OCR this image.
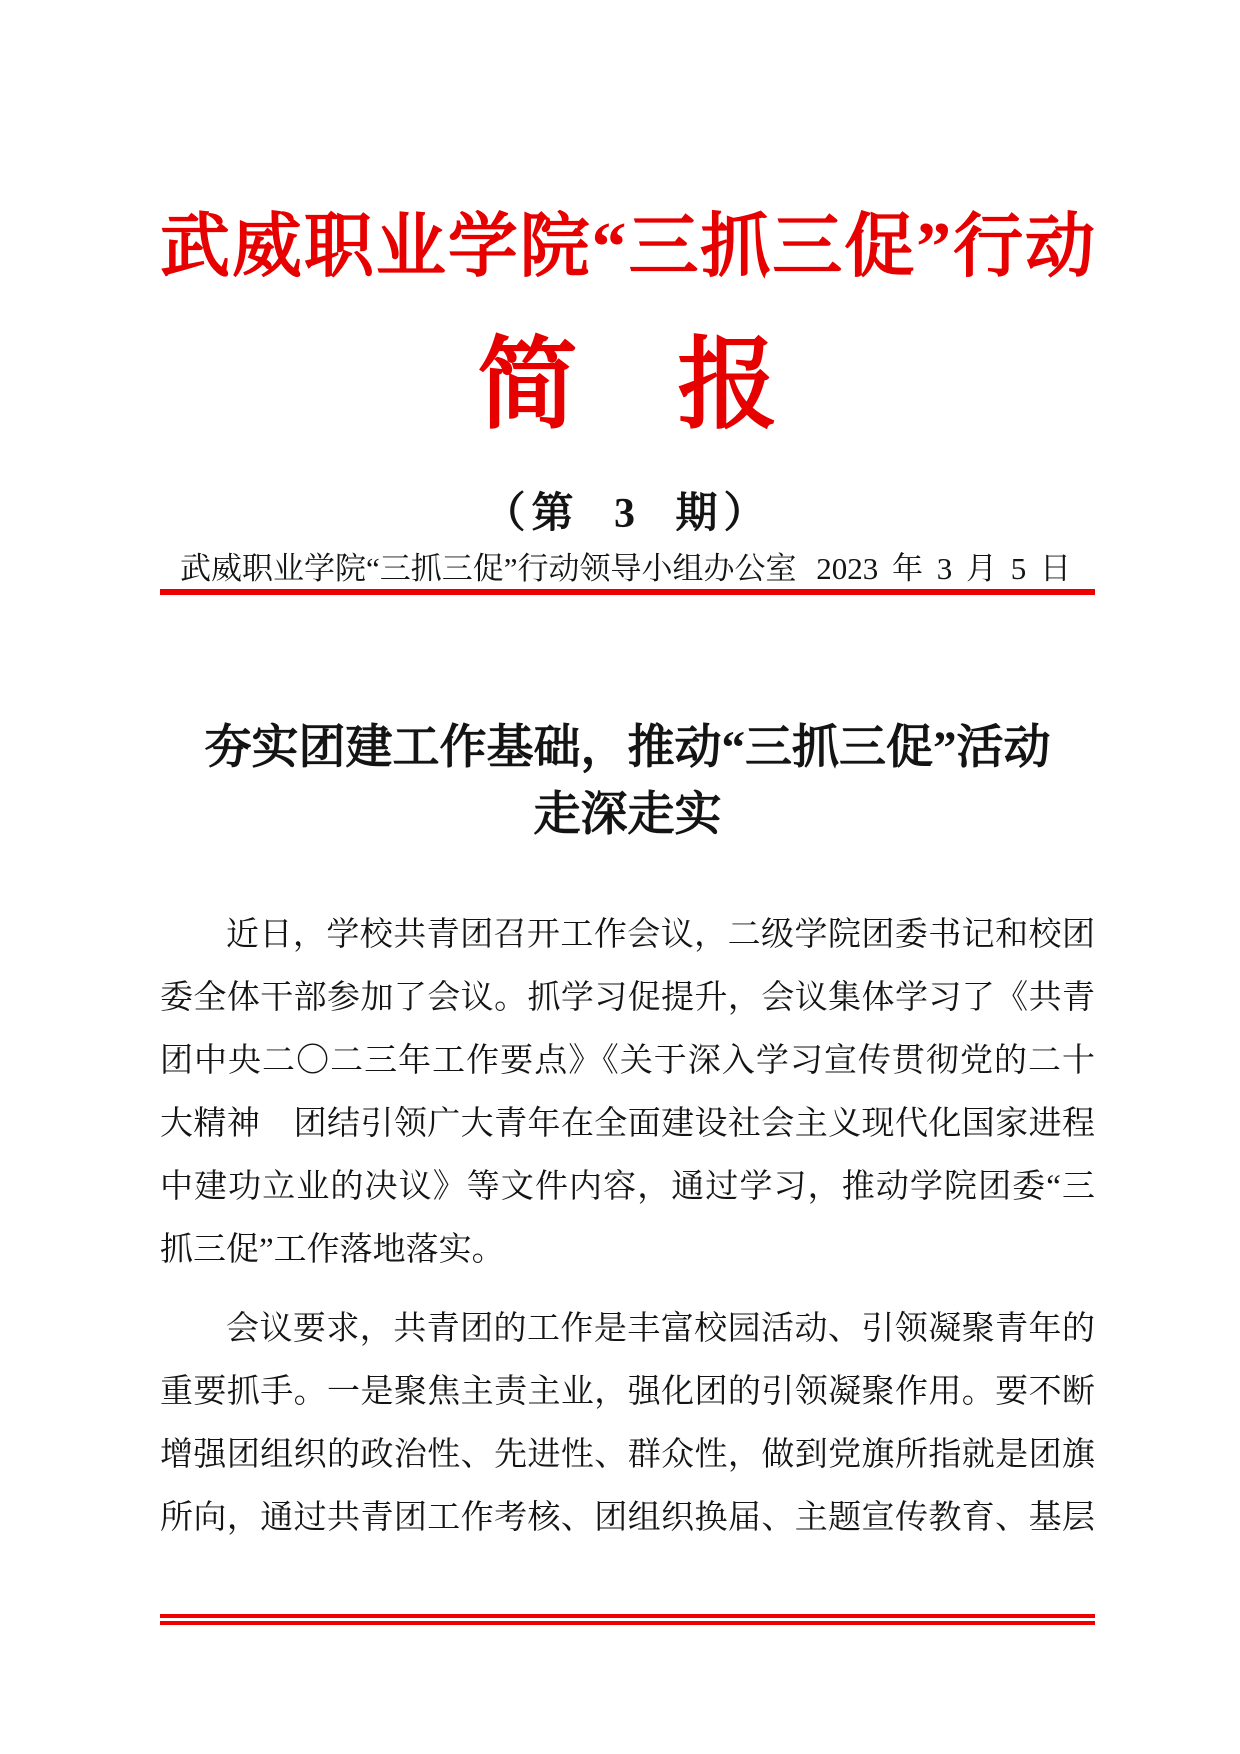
武威职业学院“三抓三促”行动
简　报
（第 3 期）
武威职业学院“三抓三促”行动领导小组办公室 2023 年 3 月 5 日
夯实团建工作基础，推动“三抓三促”活动
走深走实
近日，学校共青团召开工作会议，二级学院团委书记和校团
委全体干部参加了会议。抓学习促提升，会议集体学习了《共青
团中央二〇二三年工作要点》《关于深入学习宣传贯彻党的二十
大精神　团结引领广大青年在全面建设社会主义现代化国家进程
中建功立业的决议》等文件内容，通过学习，推动学院团委“三
抓三促”工作落地落实。
会议要求，共青团的工作是丰富校园活动、引领凝聚青年的
重要抓手。一是聚焦主责主业，强化团的引领凝聚作用。要不断
增强团组织的政治性、先进性、群众性，做到党旗所指就是团旗
所向，通过共青团工作考核、团组织换届、主题宣传教育、基层
